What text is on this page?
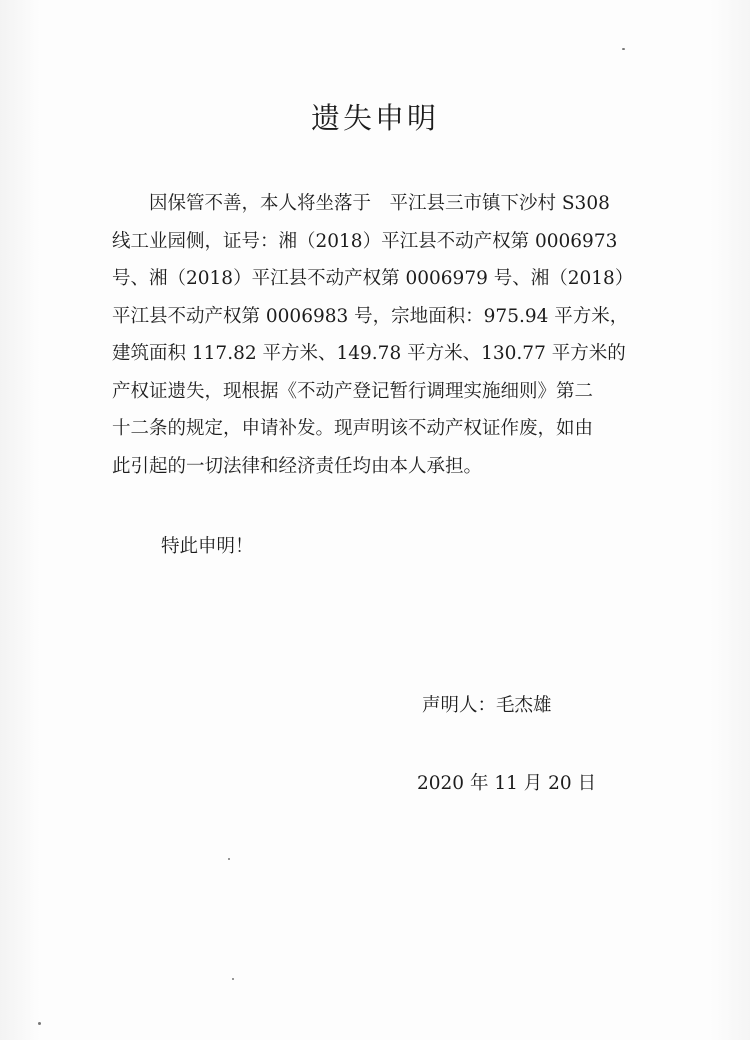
遗失申明
因保管不善，本人将坐落于　平江县三市镇下沙村 S308
线工业园侧，证号：湘（2018）平江县不动产权第 0006973
号、湘（2018）平江县不动产权第 0006979 号、湘（2018）
平江县不动产权第 0006983 号，宗地面积：975.94 平方米，
建筑面积 117.82 平方米、149.78 平方米、130.77 平方米的
产权证遗失，现根据《不动产登记暂行调理实施细则》第二
十二条的规定，申请补发。现声明该不动产权证作废，如由
此引起的一切法律和经济责任均由本人承担。

特此申明！

声明人：毛杰雄

2020 年 11 月 20 日
